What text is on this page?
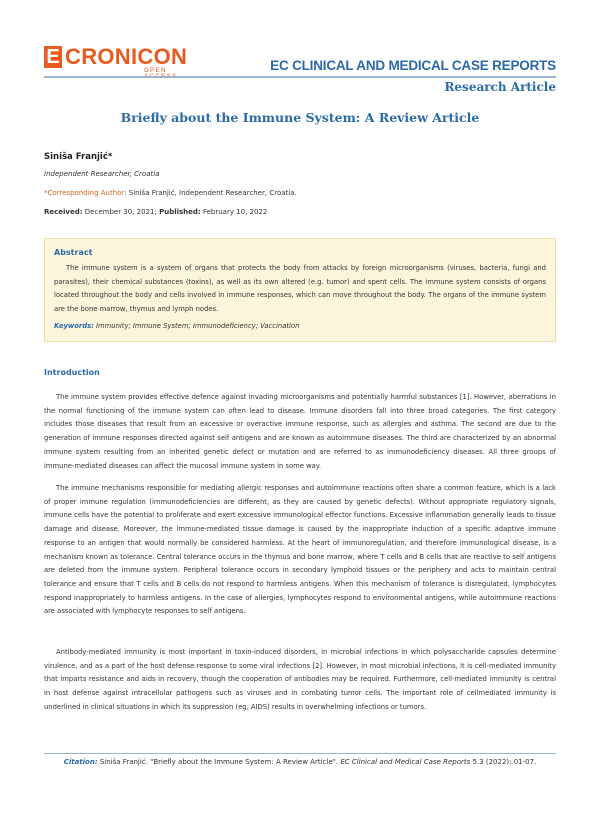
E CRONICON
OPEN	EC CLINICAL AND MEDICAL CASE REPORTS
Research Article
Briefly about the Immune System: A Review Article
Siniša Franjić*
Independent Researcher, Croatia
*Corresponding Author: Siniša Franjić, Independent Researcher, Croatia.
Received: December 30, 2021; Published: February 10, 2022
Abstract
The immune system is a system of organs that protects the body from attacks by foreign microorganisms (viruses, bacteria, fungi and parasites), their chemical substances (toxins), as well as its own altered (e.g. tumor) and spent cells. The immune system consists of organs located throughout the body and cells involved in immune responses, which can move throughout the body. The organs of the immune system are the bone marrow, thymus and lymph nodes.
Keywords: Immunity; Immune System; Immunodeficiency; Vaccination
Introduction

The immune system provides effective defence against invading microorganisms and potentially harmful substances [1]. However, aberrations in the normal functioning of the immune system can often lead to disease. Immune disorders fall into three broad categories. The first category includes those diseases that result from an excessive or overactive immune response, such as allergies and asthma. The second are due to the generation of immune responses directed against self antigens and are known as autoimmune diseases. The third are characterized by an abnormal immune system resulting from an inherited genetic defect or mutation and are referred to as immunodeficiency diseases. All three groups of immune-mediated diseases can affect the mucosal immune system in some way.

The immune mechanisms responsible for mediating allergic responses and autoimmune reactions often share a common feature, which is a lack of proper immune regulation (immunodeficiencies are different, as they are caused by genetic defects). Without appropriate regulatory signals, immune cells have the potential to proliferate and exert excessive immunological effector functions. Excessive inflammation generally leads to tissue damage and disease. Moreover, the immune-mediated tissue damage is caused by the inappropriate induction of a specific adaptive immune response to an antigen that would normally be considered harmless. At the heart of immunoregulation, and therefore immunological disease, is a mechanism known as tolerance. Central tolerance occurs in the thymus and bone marrow, where T cells and B cells that are reactive to self antigens are deleted from the immune system. Peripheral tolerance occurs in secondary lymphoid tissues or the periphery and acts to maintain central tolerance and ensure that T cells and B cells do not respond to harmless antigens. When this mechanism of tolerance is disregulated, lymphocytes respond inappropriately to harmless antigens. In the case of allergies, lymphocytes respond to environmental antigens, while autoimmune reactions are associated with lymphocyte responses to self antigens.

Antibody-mediated immunity is most important in toxin-induced disorders, in microbial infections in which polysaccharide capsules determine virulence, and as a part of the host defense response to some viral infections [2]. However, in most microbial infections, it is cell-mediated immunity that imparts resistance and aids in recovery, though the cooperation of antibodies may be required. Furthermore, cell-mediated immunity is central in host defense against intracellular pathogens such as viruses and in combating tumor cells. The important role of cellmediated immunity is underlined in clinical situations in which its suppression (eg, AIDS) results in overwhelming infections or tumors.

Citation: Siniša Franjić. "Briefly about the Immune System: A Review Article". EC Clinical and Medical Case Reports 5.3 (2022): 01-07.
